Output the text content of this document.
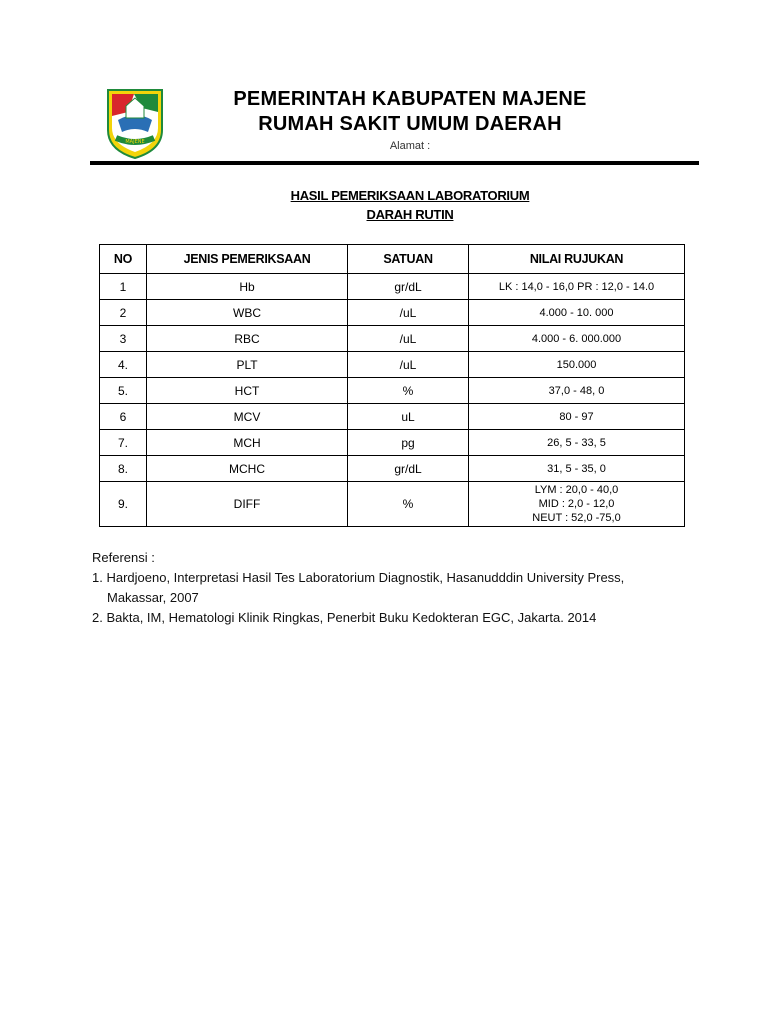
MAJENE
PEMERINTAH KABUPATEN MAJENE
RUMAH SAKIT UMUM DAERAH
Alamat :
HASIL PEMERIKSAAN LABORATORIUM
DARAH RUTIN
NO	JENIS PEMERIKSAAN	SATUAN	NILAI RUJUKAN
1	Hb	gr/dL	LK : 14,0 - 16,0 PR : 12,0 - 14.0
2	WBC	/uL	4.000 - 10. 000
3	RBC	/uL	4.000 - 6. 000.000
4.	PLT	/uL	150.000
5.	HCT	%	37,0 - 48, 0
6	MCV	uL	80 - 97
7.	MCH	pg	26, 5 - 33, 5
8.	MCHC	gr/dL	31, 5 - 35, 0
9.	DIFF	%	LYM : 20,0 - 40,0
MID : 2,0 - 12,0
NEUT : 52,0 -75,0
Referensi :
1. Hardjoeno, Interpretasi Hasil Tes Laboratorium Diagnostik, Hasanudddin University Press,
Makassar, 2007
2. Bakta, IM, Hematologi Klinik Ringkas, Penerbit Buku Kedokteran EGC, Jakarta. 2014
